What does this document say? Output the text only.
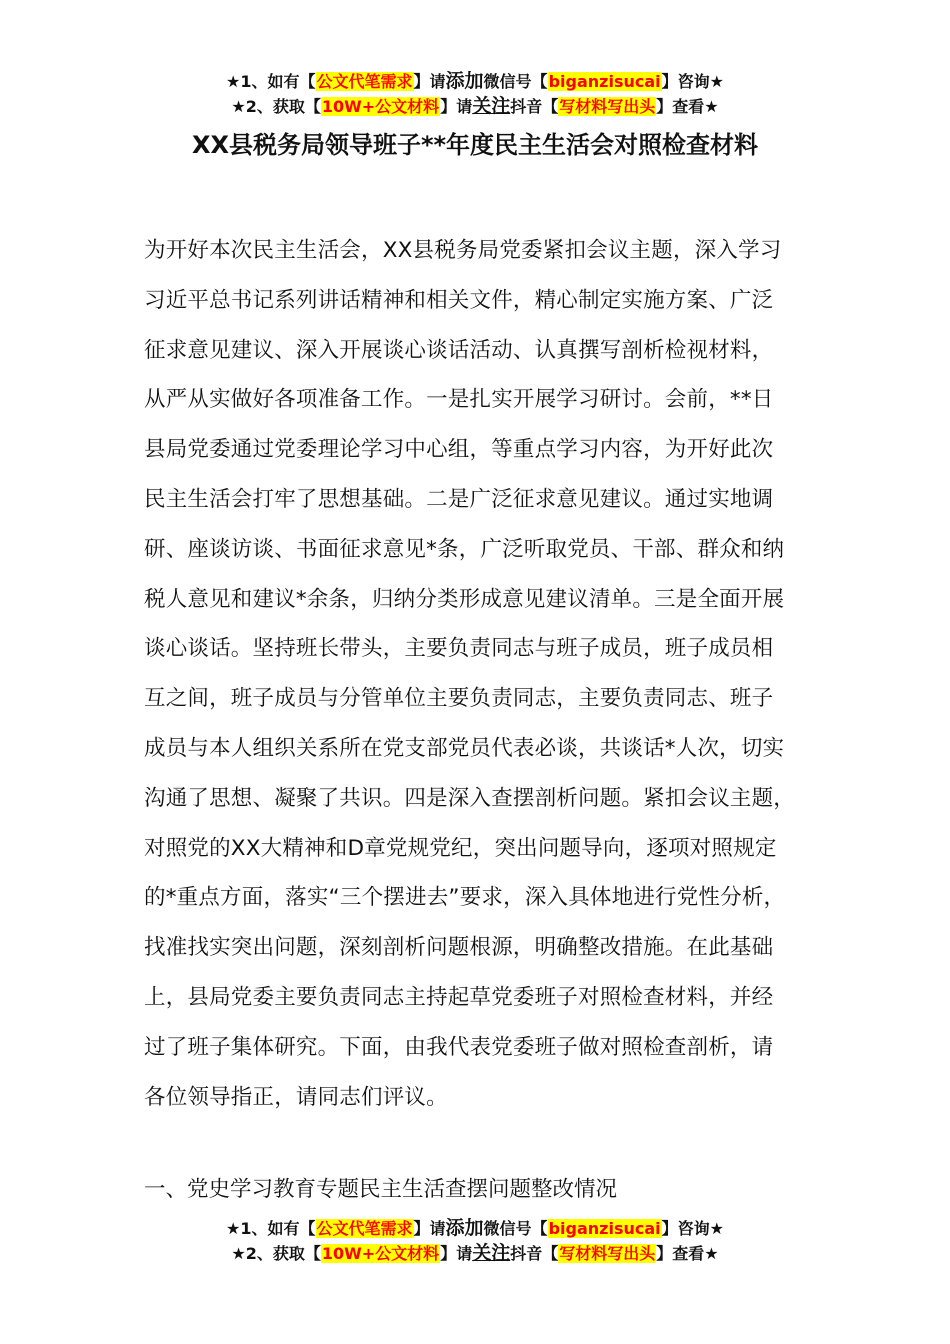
★1、如有【公文代笔需求】请添加微信号【biganzisucai】咨询★
★2、获取【10W+公文材料】请关注抖音【写材料写出头】查看★
XX县税务局领导班子**年度民主生活会对照检查材料
为开好本次民主生活会，XX县税务局党委紧扣会议主题，深入学习
习近平总书记系列讲话精神和相关文件，精心制定实施方案、广泛
征求意见建议、深入开展谈心谈话活动、认真撰写剖析检视材料，
从严从实做好各项准备工作。一是扎实开展学习研讨。会前，**日
县局党委通过党委理论学习中心组，等重点学习内容，为开好此次
民主生活会打牢了思想基础。二是广泛征求意见建议。通过实地调
研、座谈访谈、书面征求意见*条，广泛听取党员、干部、群众和纳
税人意见和建议*余条，归纳分类形成意见建议清单。三是全面开展
谈心谈话。坚持班长带头，主要负责同志与班子成员，班子成员相
互之间，班子成员与分管单位主要负责同志，主要负责同志、班子
成员与本人组织关系所在党支部党员代表必谈，共谈话*人次，切实
沟通了思想、凝聚了共识。四是深入查摆剖析问题。紧扣会议主题，
对照党的XX大精神和D章党规党纪，突出问题导向，逐项对照规定
的*重点方面，落实“三个摆进去”要求，深入具体地进行党性分析，
找准找实突出问题，深刻剖析问题根源，明确整改措施。在此基础
上，县局党委主要负责同志主持起草党委班子对照检查材料，并经
过了班子集体研究。下面，由我代表党委班子做对照检查剖析，请
各位领导指正，请同志们评议。
一、党史学习教育专题民主生活查摆问题整改情况
★1、如有【公文代笔需求】请添加微信号【biganzisucai】咨询★
★2、获取【10W+公文材料】请关注抖音【写材料写出头】查看★
